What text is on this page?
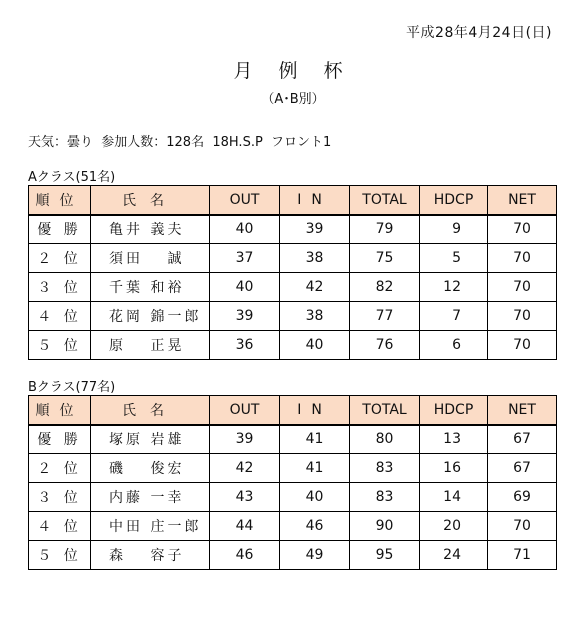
平成28年4月24日(日)
月 例 杯
（A･B別）
天気：曇り  参加人数：128名  18H.S.P  フロント1
Aクラス(51名)
順位	氏名	OUT	IN	TOTAL	HDCP	NET
優 勝	亀井 義夫	40	39	79	9	70
２ 位	須田　 誠	37	38	75	5	70
３ 位	千葉 和裕	40	42	82	12	70
４ 位	花岡 錦一郎	39	38	77	7	70
５ 位	原　 正晃	36	40	76	6	70
Bクラス(77名)
順位	氏名	OUT	IN	TOTAL	HDCP	NET
優 勝	塚原 岩雄	39	41	80	13	67
２ 位	磯　 俊宏	42	41	83	16	67
３ 位	内藤 一幸	43	40	83	14	69
４ 位	中田 庄一郎	44	46	90	20	70
５ 位	森　 容子	46	49	95	24	71
